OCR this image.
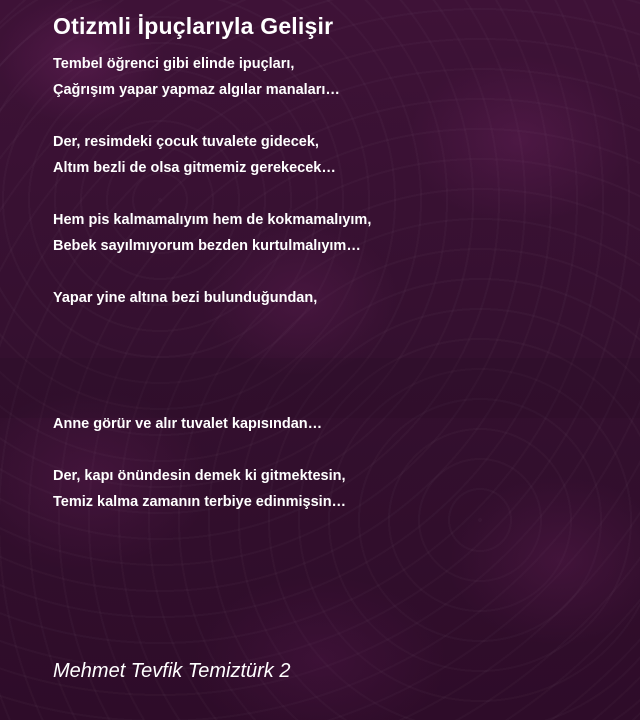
Otizmli İpuçlarıyla Gelişir
Tembel öğrenci gibi elinde ipuçları,
Çağrışım yapar yapmaz algılar manaları…
Der, resimdeki çocuk tuvalete gidecek,
Altım bezli de olsa gitmemiz gerekecek…
Hem pis kalmamalıyım hem de kokmamalıyım,
Bebek sayılmıyorum bezden kurtulmalıyım…
Yapar yine altına bezi bulunduğundan,
Anne görür ve alır tuvalet kapısından…
Der, kapı önündesin demek ki gitmektesin,
Temiz kalma zamanın terbiye edinmişsin…
Mehmet Tevfik Temiztürk 2
